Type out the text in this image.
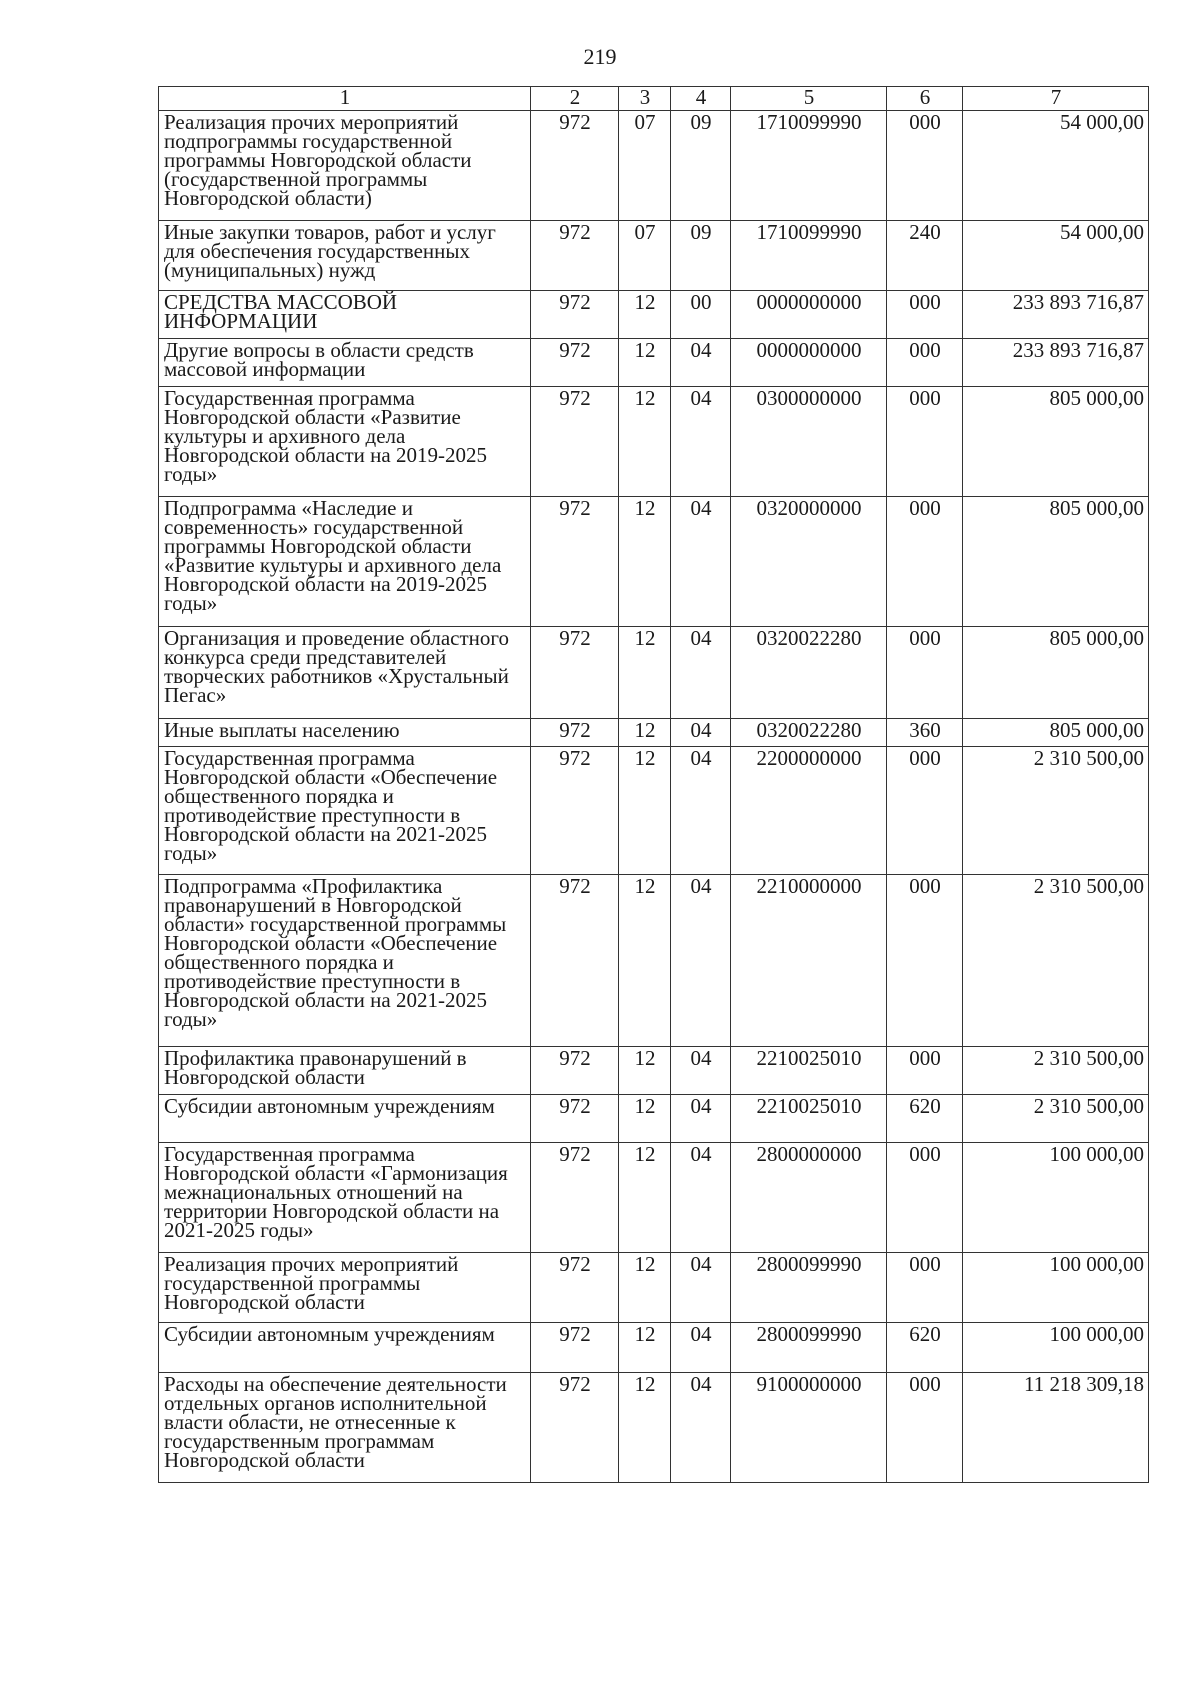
219
1	2	3	4	5	6	7
Реализация прочих мероприятий подпрограммы государственной программы Новгородской области (государственной программы Новгородской области)	972	07	09	1710099990	000	54 000,00
Иные закупки товаров, работ и услуг для обеспечения государственных (муниципальных) нужд	972	07	09	1710099990	240	54 000,00
СРЕДСТВА МАССОВОЙ ИНФОРМАЦИИ	972	12	00	0000000000	000	233 893 716,87
Другие вопросы в области средств массовой информации	972	12	04	0000000000	000	233 893 716,87
Государственная программа Новгородской области «Развитие культуры и архивного дела Новгородской области на 2019-2025 годы»	972	12	04	0300000000	000	805 000,00
Подпрограмма «Наследие и современность» государственной программы Новгородской области «Развитие культуры и архивного дела Новгородской области на 2019-2025 годы»	972	12	04	0320000000	000	805 000,00
Организация и проведение областного конкурса среди представителей творческих работников «Хрустальный Пегас»	972	12	04	0320022280	000	805 000,00
Иные выплаты населению	972	12	04	0320022280	360	805 000,00
Государственная программа Новгородской области «Обеспечение общественного порядка и противодействие преступности в Новгородской области на 2021-2025 годы»	972	12	04	2200000000	000	2 310 500,00
Подпрограмма «Профилактика правонарушений в Новгородской области» государственной программы Новгородской области «Обеспечение общественного порядка и противодействие преступности в Новгородской области на 2021-2025 годы»	972	12	04	2210000000	000	2 310 500,00
Профилактика правонарушений в Новгородской области	972	12	04	2210025010	000	2 310 500,00
Субсидии автономным учреждениям	972	12	04	2210025010	620	2 310 500,00
Государственная программа Новгородской области «Гармонизация межнациональных отношений на территории Новгородской области на 2021-2025 годы»	972	12	04	2800000000	000	100 000,00
Реализация прочих мероприятий государственной программы Новгородской области	972	12	04	2800099990	000	100 000,00
Субсидии автономным учреждениям	972	12	04	2800099990	620	100 000,00
Расходы на обеспечение деятельности отдельных органов исполнительной власти области, не отнесенные к государственным программам Новгородской области	972	12	04	9100000000	000	11 218 309,18
